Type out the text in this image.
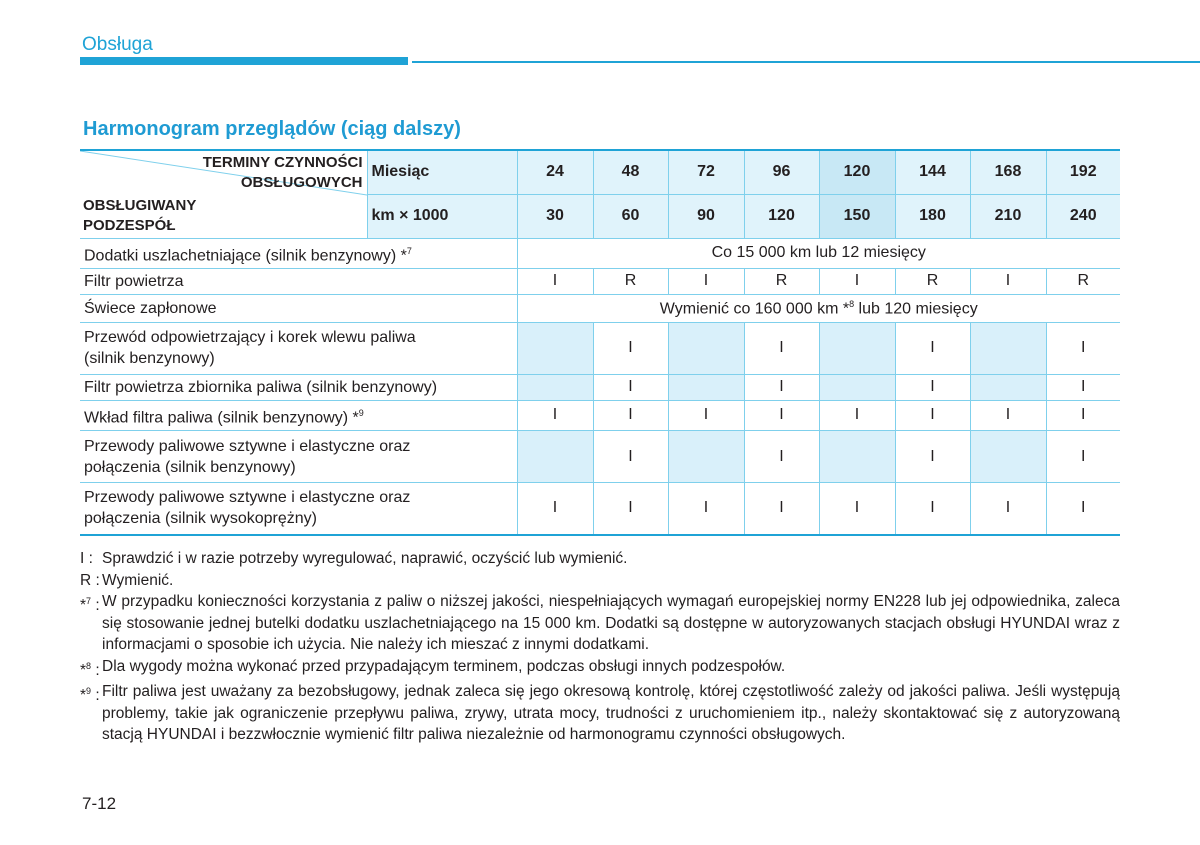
Obsługa
Harmonogram przeglądów (ciąg dalszy)
TERMINY CZYNNOŚCI
OBSŁUGOWYCH
OBSŁUGIWANY
PODZESPÓŁ	Miesiąc	24	48	72	96	120	144	168	192
	km × 1000	30	60	90	120	150	180	210	240
Dodatki uszlachetniające (silnik benzynowy) *$^7$		Co 15 000 km lub 12 miesięcy							
Filtr powietrza		I	R	I	R	I	R	I	R
Świece zapłonowe		Wymienić co 160 000 km *$^8$ lub 120 miesięcy							

Przewód odpowietrzający i korek wlewu paliwa
(silnik benzynowy)			I		I		I		I
Filtr powietrza zbiornika paliwa (silnik benzynowy)			I		I		I		I
Wkład filtra paliwa (silnik benzynowy) *$^9$		I	I	I	I	I	I	I	I

Przewody paliwowe sztywne i elastyczne oraz
połączenia (silnik benzynowy)			I		I		I		I

Przewody paliwowe sztywne i elastyczne oraz
połączenia (silnik wysokoprężny)		I	I	I	I	I	I	I	I
I : Sprawdzić i w razie potrzeby wyregulować, naprawić, oczyścić lub wymienić.
R : Wymienić.
*$^7$ : W przypadku konieczności korzystania z paliw o niższej jakości, niespełniających wymagań europejskiej normy EN228 lub jej odpowiednika, zaleca się stosowanie jednej butelki dodatku uszlachetniającego na 15 000 km. Dodatki są dostępne w autoryzowanych stacjach obsługi HYUNDAI wraz z informacjami o sposobie ich użycia. Nie należy ich mieszać z innymi dodatkami.
*$^8$ : Dla wygody można wykonać przed przypadającym terminem, podczas obsługi innych podzespołów.
*$^9$ : Filtr paliwa jest uważany za bezobsługowy, jednak zaleca się jego okresową kontrolę, której częstotliwość zależy od jakości paliwa. Jeśli występują problemy, takie jak ograniczenie przepływu paliwa, zrywy, utrata mocy, trudności z uruchomieniem itp., należy skontaktować się z autoryzowaną stacją HYUNDAI i bezzwłocznie wymienić filtr paliwa niezależnie od harmonogramu czynności obsługowych.
7-12
